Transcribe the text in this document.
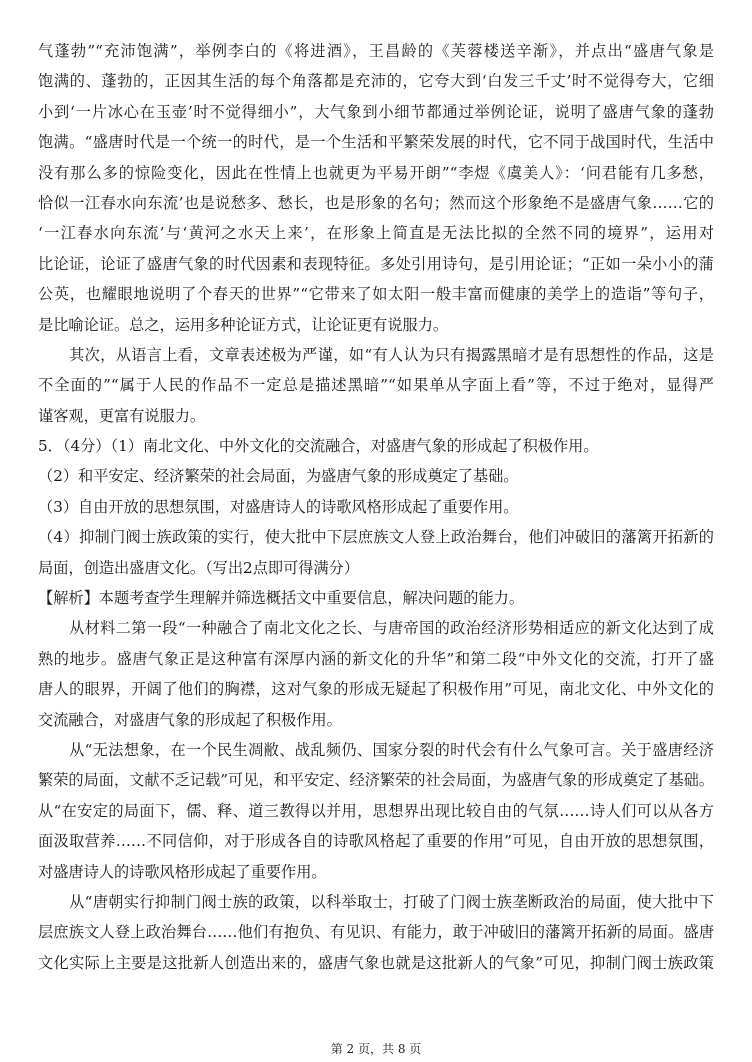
气蓬勃”“充沛饱满”，举例李白的《将进酒》，王昌龄的《芙蓉楼送辛渐》，并点出“盛唐气象是
饱满的、蓬勃的，正因其生活的每个角落都是充沛的，它夸大到‘白发三千丈’时不觉得夸大，它细
小到‘一片冰心在玉壶’时不觉得细小”，大气象到小细节都通过举例论证，说明了盛唐气象的蓬勃
饱满。“盛唐时代是一个统一的时代，是一个生活和平繁荣发展的时代，它不同于战国时代，生活中
没有那么多的惊险变化，因此在性情上也就更为平易开朗”“李煜《虞美人》：‘问君能有几多愁，
恰似一江春水向东流’也是说愁多、愁长，也是形象的名句；然而这个形象绝不是盛唐气象……它的
‘一江春水向东流’与‘黄河之水天上来’，在形象上简直是无法比拟的全然不同的境界”，运用对
比论证，论证了盛唐气象的时代因素和表现特征。多处引用诗句，是引用论证；“正如一朵小小的蒲
公英，也耀眼地说明了个春天的世界”“它带来了如太阳一般丰富而健康的美学上的造诣”等句子，
是比喻论证。总之，运用多种论证方式，让论证更有说服力。
　　其次，从语言上看，文章表述极为严谨，如“有人认为只有揭露黑暗才是有思想性的作品，这是
不全面的”“属于人民的作品不一定总是描述黑暗”“如果单从字面上看”等，不过于绝对，显得严
谨客观，更富有说服力。
5．（4分）（1）南北文化、中外文化的交流融合，对盛唐气象的形成起了积极作用。
（2）和平安定、经济繁荣的社会局面，为盛唐气象的形成奠定了基础。
（3）自由开放的思想氛围，对盛唐诗人的诗歌风格形成起了重要作用。
（4）抑制门阀士族政策的实行，使大批中下层庶族文人登上政治舞台，他们冲破旧的藩篱开拓新的
局面，创造出盛唐文化。（写出2点即可得满分）
【解析】本题考查学生理解并筛选概括文中重要信息，解决问题的能力。
　　从材料二第一段“一种融合了南北文化之长、与唐帝国的政治经济形势相适应的新文化达到了成
熟的地步。盛唐气象正是这种富有深厚内涵的新文化的升华”和第二段“中外文化的交流，打开了盛
唐人的眼界，开阔了他们的胸襟，这对气象的形成无疑起了积极作用”可见，南北文化、中外文化的
交流融合，对盛唐气象的形成起了积极作用。
　　从“无法想象，在一个民生凋敝、战乱频仍、国家分裂的时代会有什么气象可言。关于盛唐经济
繁荣的局面，文献不乏记载”可见，和平安定、经济繁荣的社会局面，为盛唐气象的形成奠定了基础。
从“在安定的局面下，儒、释、道三教得以并用，思想界出现比较自由的气氛……诗人们可以从各方
面汲取营养……不同信仰，对于形成各自的诗歌风格起了重要的作用”可见，自由开放的思想氛围，
对盛唐诗人的诗歌风格形成起了重要作用。
　　从“唐朝实行抑制门阀士族的政策，以科举取士，打破了门阀士族垄断政治的局面，使大批中下
层庶族文人登上政治舞台……他们有抱负、有见识、有能力，敢于冲破旧的藩篱开拓新的局面。盛唐
文化实际上主要是这批新人创造出来的，盛唐气象也就是这批新人的气象”可见，抑制门阀士族政策
第 2 页，共 8 页
